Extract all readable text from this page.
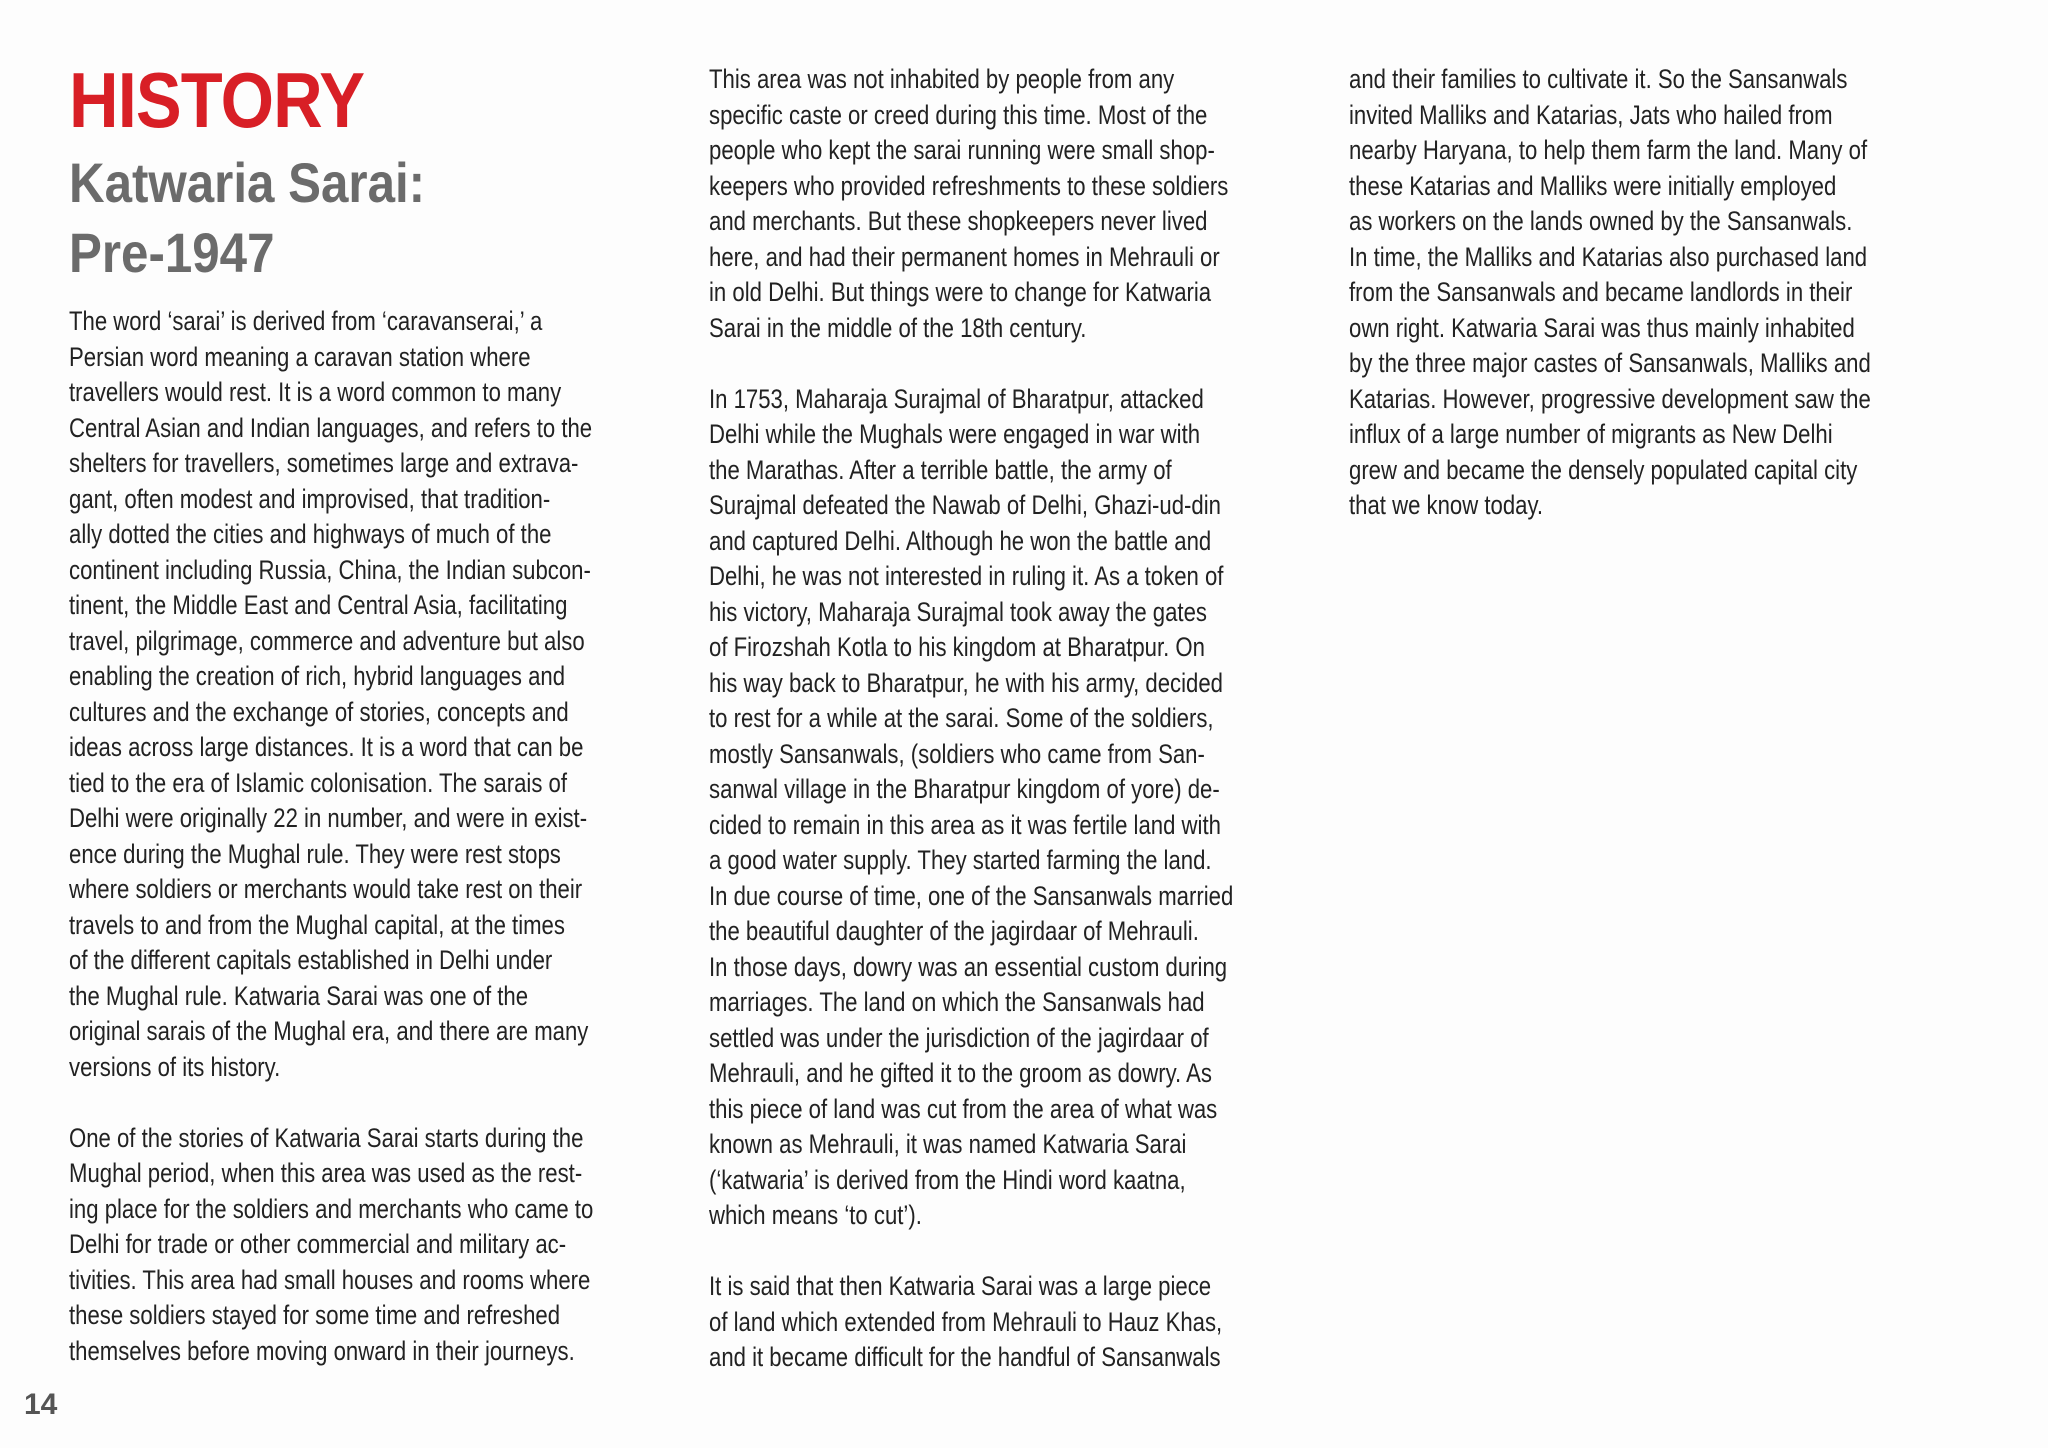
HISTORY
Katwaria Sarai:
Pre-1947
The word ‘sarai’ is derived from ‘caravanserai,’ a
Persian word meaning a caravan station where
travellers would rest. It is a word common to many
Central Asian and Indian languages, and refers to the
shelters for travellers, sometimes large and extrava-
gant, often modest and improvised, that tradition-
ally dotted the cities and highways of much of the
continent including Russia, China, the Indian subcon-
tinent, the Middle East and Central Asia, facilitating
travel, pilgrimage, commerce and adventure but also
enabling the creation of rich, hybrid languages and
cultures and the exchange of stories, concepts and
ideas across large distances. It is a word that can be
tied to the era of Islamic colonisation. The sarais of
Delhi were originally 22 in number, and were in exist-
ence during the Mughal rule. They were rest stops
where soldiers or merchants would take rest on their
travels to and from the Mughal capital, at the times
of the different capitals established in Delhi under
the Mughal rule. Katwaria Sarai was one of the
original sarais of the Mughal era, and there are many
versions of its history.
One of the stories of Katwaria Sarai starts during the
Mughal period, when this area was used as the rest-
ing place for the soldiers and merchants who came to
Delhi for trade or other commercial and military ac-
tivities. This area had small houses and rooms where
these soldiers stayed for some time and refreshed
themselves before moving onward in their journeys.
This area was not inhabited by people from any
specific caste or creed during this time. Most of the
people who kept the sarai running were small shop-
keepers who provided refreshments to these soldiers
and merchants. But these shopkeepers never lived
here, and had their permanent homes in Mehrauli or
in old Delhi. But things were to change for Katwaria
Sarai in the middle of the 18th century.
In 1753, Maharaja Surajmal of Bharatpur, attacked
Delhi while the Mughals were engaged in war with
the Marathas. After a terrible battle, the army of
Surajmal defeated the Nawab of Delhi, Ghazi-ud-din
and captured Delhi. Although he won the battle and
Delhi, he was not interested in ruling it. As a token of
his victory, Maharaja Surajmal took away the gates
of Firozshah Kotla to his kingdom at Bharatpur. On
his way back to Bharatpur, he with his army, decided
to rest for a while at the sarai. Some of the soldiers,
mostly Sansanwals, (soldiers who came from San-
sanwal village in the Bharatpur kingdom of yore) de-
cided to remain in this area as it was fertile land with
a good water supply. They started farming the land.
In due course of time, one of the Sansanwals married
the beautiful daughter of the jagirdaar of Mehrauli.
In those days, dowry was an essential custom during
marriages. The land on which the Sansanwals had
settled was under the jurisdiction of the jagirdaar of
Mehrauli, and he gifted it to the groom as dowry. As
this piece of land was cut from the area of what was
known as Mehrauli, it was named Katwaria Sarai
(‘katwaria’ is derived from the Hindi word kaatna,
which means ‘to cut’).
It is said that then Katwaria Sarai was a large piece
of land which extended from Mehrauli to Hauz Khas,
and it became difficult for the handful of Sansanwals
and their families to cultivate it. So the Sansanwals
invited Malliks and Katarias, Jats who hailed from
nearby Haryana, to help them farm the land. Many of
these Katarias and Malliks were initially employed
as workers on the lands owned by the Sansanwals.
In time, the Malliks and Katarias also purchased land
from the Sansanwals and became landlords in their
own right. Katwaria Sarai was thus mainly inhabited
by the three major castes of Sansanwals, Malliks and
Katarias. However, progressive development saw the
influx of a large number of migrants as New Delhi
grew and became the densely populated capital city
that we know today.
14
